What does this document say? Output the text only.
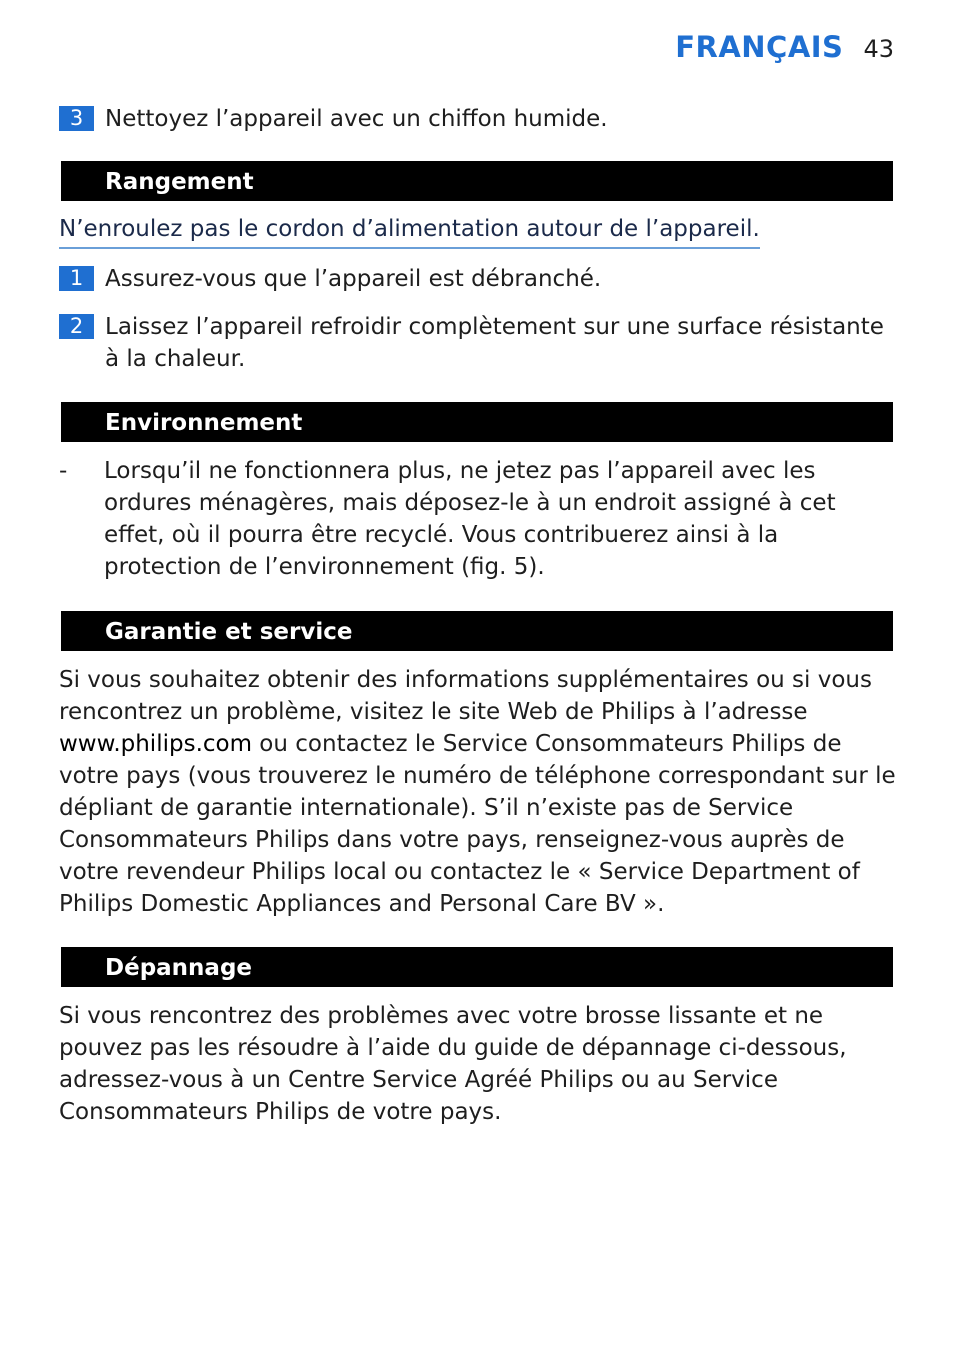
FRANÇAIS 43
3 Nettoyez l’appareil avec un chiffon humide.
Rangement
N’enroulez pas le cordon d’alimentation autour de l’appareil.
1 Assurez-vous que l’appareil est débranché.
2 Laissez l’appareil refroidir complètement sur une surface résistante à la chaleur.
Environnement
-	Lorsqu’il ne fonctionnera plus, ne jetez pas l’appareil avec les ordures ménagères, mais déposez-le à un endroit assigné à cet effet, où il pourra être recyclé. Vous contribuerez ainsi à la protection de l’environnement (fig. 5).
Garantie et service
Si vous souhaitez obtenir des informations supplémentaires ou si vous rencontrez un problème, visitez le site Web de Philips à l’adresse www.philips.com ou contactez le Service Consommateurs Philips de votre pays (vous trouverez le numéro de téléphone correspondant sur le dépliant de garantie internationale). S’il n’existe pas de Service Consommateurs Philips dans votre pays, renseignez-vous auprès de votre revendeur Philips local ou contactez le « Service Department of Philips Domestic Appliances and Personal Care BV ».
Dépannage
Si vous rencontrez des problèmes avec votre brosse lissante et ne pouvez pas les résoudre à l’aide du guide de dépannage ci-dessous, adressez-vous à un Centre Service Agréé Philips ou au Service Consommateurs Philips de votre pays.
